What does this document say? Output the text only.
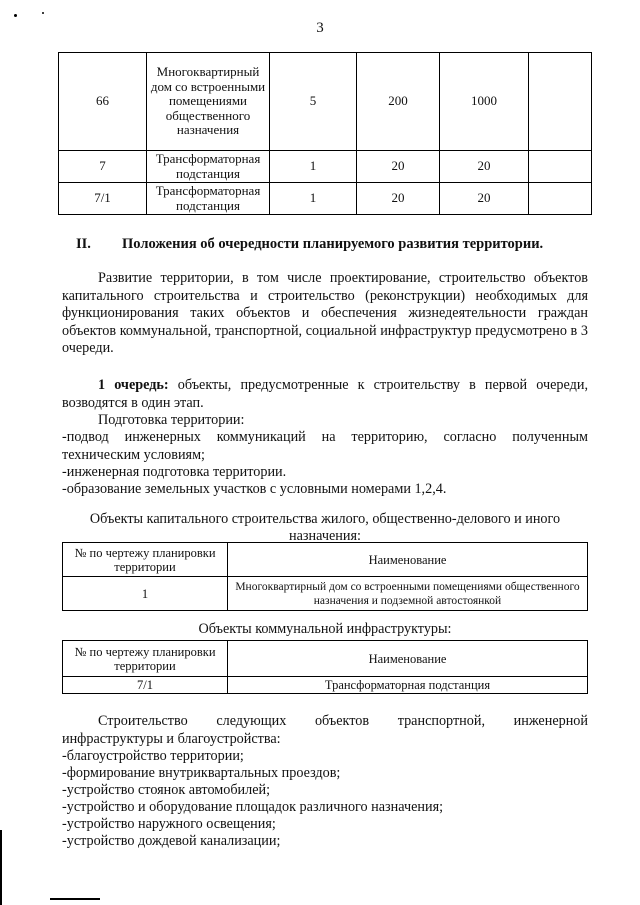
3
66	Многоквартирный дом со встроенными помещениями общественного назначения	5	200	1000	
7	Трансформаторная подстанция	1	20	20	
7/1	Трансформаторная подстанция	1	20	20	
II. Положения об очередности планируемого развития территории.
Развитие территории, в том числе проектирование, строительство объектов капитального строительства и строительство (реконструкции) необходимых для функционирования таких объектов и обеспечения жизнедеятельности граждан объектов коммунальной, транспортной, социальной инфраструктур предусмотрено в 3 очереди.
1 очередь: объекты, предусмотренные к строительству в первой очереди, возводятся в один этап.
Подготовка территории:
-подвод инженерных коммуникаций на территорию, согласно полученным техническим условиям;
-инженерная подготовка территории.
-образование земельных участков с условными номерами 1,2,4.
Объекты капитального строительства жилого, общественно-делового и иного назначения:
№ по чертежу планировки территории	Наименование
1	Многоквартирный дом со встроенными помещениями общественного назначения и подземной автостоянкой
Объекты коммунальной инфраструктуры:
№ по чертежу планировки территории	Наименование
7/1	Трансформаторная подстанция
Строительство следующих объектов транспортной, инженерной инфраструктуры и благоустройства:
-благоустройство территории;
-формирование внутриквартальных проездов;
-устройство стоянок автомобилей;
-устройство и оборудование площадок различного назначения;
-устройство наружного освещения;
-устройство дождевой канализации;
